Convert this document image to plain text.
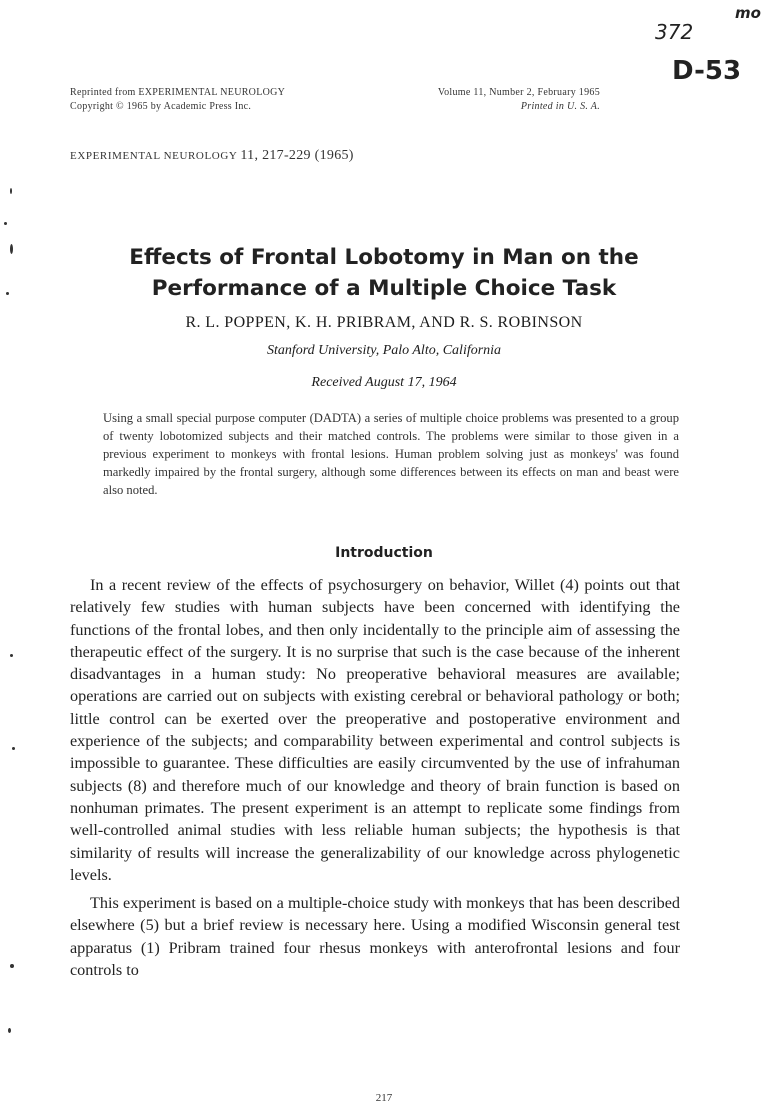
mo
372
D-53
Reprinted from EXPERIMENTAL NEUROLOGY
Copyright © 1965 by Academic Press Inc.
Volume 11, Number 2, February 1965
Printed in U. S. A.
EXPERIMENTAL NEUROLOGY 11, 217-229 (1965)
Effects of Frontal Lobotomy in Man on the
Performance of a Multiple Choice Task
R. L. POPPEN, K. H. PRIBRAM, AND R. S. ROBINSON
Stanford University, Palo Alto, California
Received August 17, 1964
Using a small special purpose computer (DADTA) a series of multiple choice problems was presented to a group of twenty lobotomized subjects and their matched controls. The problems were similar to those given in a previous experiment to monkeys with frontal lesions. Human problem solving just as monkeys' was found markedly impaired by the frontal surgery, although some differences between its effects on man and beast were also noted.
Introduction

In a recent review of the effects of psychosurgery on behavior, Willet (4) points out that relatively few studies with human subjects have been concerned with identifying the functions of the frontal lobes, and then only incidentally to the principle aim of assessing the therapeutic effect of the surgery. It is no surprise that such is the case because of the inherent disadvantages in a human study: No preoperative behavioral measures are available; operations are carried out on subjects with existing cerebral or behavioral pathology or both; little control can be exerted over the preoperative and postoperative environment and experience of the subjects; and comparability between experimental and control subjects is impossible to guarantee. These difficulties are easily circumvented by the use of infrahuman subjects (8) and therefore much of our knowledge and theory of brain function is based on nonhuman primates. The present experiment is an attempt to replicate some findings from well-controlled animal studies with less reliable human subjects; the hypothesis is that similarity of results will increase the generalizability of our knowledge across phylogenetic levels.

This experiment is based on a multiple-choice study with monkeys that has been described elsewhere (5) but a brief review is necessary here. Using a modified Wisconsin general test apparatus (1) Pribram trained four rhesus monkeys with anterofrontal lesions and four controls to

217
